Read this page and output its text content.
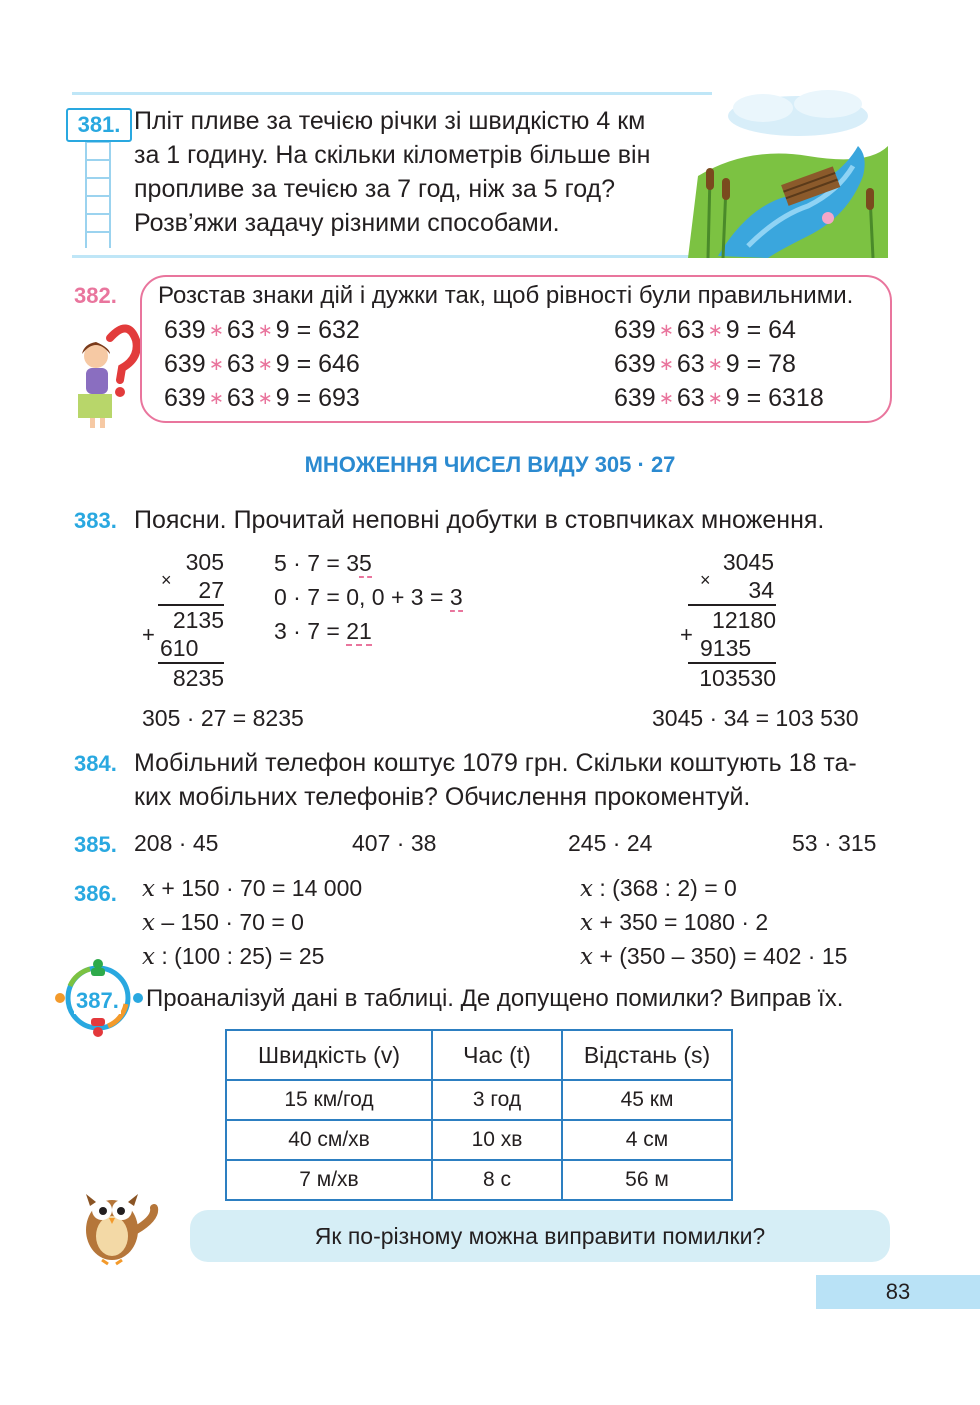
381. Пліт пливе за течією річки зі швидкістю 4 км
за 1 годину. На скільки кілометрів більше він
пропливе за течією за 7 год, ніж за 5 год?
Розв’яжи задачу різними способами.
382. Розстав знаки дій і дужки так, щоб рівності були правильними.
639 ∗ 63 ∗ 9 = 632
639 ∗ 63 ∗ 9 = 646
639 ∗ 63 ∗ 9 = 693
639 ∗ 63 ∗ 9 = 64
639 ∗ 63 ∗ 9 = 78
639 ∗ 63 ∗ 9 = 6318
МНОЖЕННЯ ЧИСЕЛ ВИДУ 305 · 27
383. Поясни. Прочитай неповні добутки в стовпчиках множення.
305
27
2135
610
8235
×
+
5 · 7 = 35
0 · 7 = 0, 0 + 3 = 3
3 · 7 = 21
305 · 27 = 8235
3045
34
12180
9135
103530
×
+
3045 · 34 = 103 530
384. Мобільний телефон коштує 1079 грн. Скільки коштують 18 та-
ких мобільних телефонів? Обчислення прокоментуй.
385. 208 · 45	407 · 38	245 · 24	53 · 315
386. x + 150 · 70 = 14 000
x – 150 · 70 = 0
x : (100 : 25) = 25
x : (368 : 2) = 0
x + 350 = 1080 · 2
x + (350 – 350) = 402 · 15
387. Проаналізуй дані в таблиці. Де допущено помилки? Виправ їх.
Швидкість (v)	Час (t)	Відстань (s)
15 км/год	3 год	45 км
40 см/хв	10 хв	4 см
7 м/хв	8 с	56 м
Як по-різному можна виправити помилки?
83
